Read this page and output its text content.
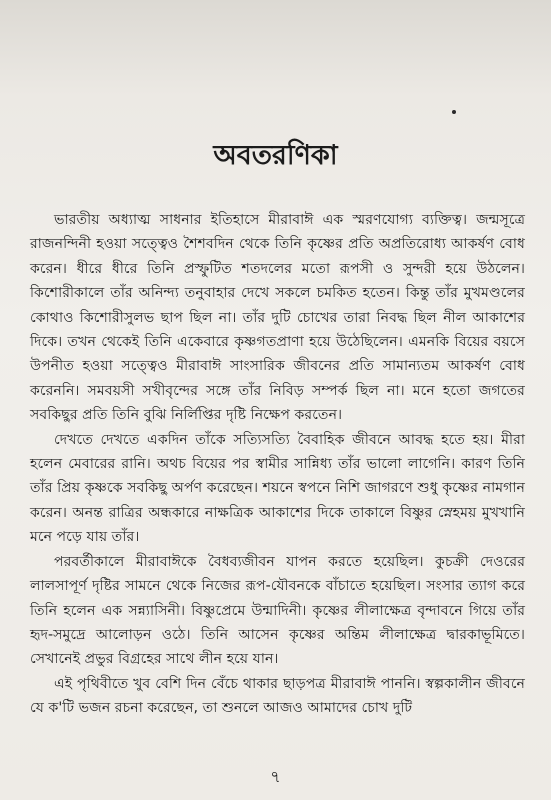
অবতরণিকা

ভারতীয় অধ্যাত্ম সাধনার ইতিহাসে মীরাবাঈ এক স্মরণযোগ্য ব্যক্তিত্ব। জন্মসূত্রে রাজনন্দিনী হওয়া সত্ত্বেও শৈশবদিন থেকে তিনি কৃষ্ণের প্রতি অপ্রতিরোধ্য আকর্ষণ বোধ করেন। ধীরে ধীরে তিনি প্রস্ফুটিত শতদলের মতো রূপসী ও সুন্দরী হয়ে উঠলেন। কিশোরীকালে তাঁর অনিন্দ্য তনুবাহার দেখে সকলে চমকিত হতেন। কিন্তু তাঁর মুখমণ্ডলের কোথাও কিশোরীসুলভ ছাপ ছিল না। তাঁর দুটি চোখের তারা নিবদ্ধ ছিল নীল আকাশের দিকে। তখন থেকেই তিনি একেবারে কৃষ্ণগতপ্রাণা হয়ে উঠেছিলেন। এমনকি বিয়ের বয়সে উপনীত হওয়া সত্ত্বেও মীরাবাঈ সাংসারিক জীবনের প্রতি সামান্যতম আকর্ষণ বোধ করেননি। সমবয়সী সখীবৃন্দের সঙ্গে তাঁর নিবিড় সম্পর্ক ছিল না। মনে হতো জগতের সবকিছুর প্রতি তিনি বুঝি নির্লিপ্তির দৃষ্টি নিক্ষেপ করতেন।

দেখতে দেখতে একদিন তাঁকে সত্যিসত্যি বৈবাহিক জীবনে আবদ্ধ হতে হয়। মীরা হলেন মেবারের রানি। অথচ বিয়ের পর স্বামীর সান্নিধ্য তাঁর ভালো লাগেনি। কারণ তিনি তাঁর প্রিয় কৃষ্ণকে সবকিছু অর্পণ করেছেন। শয়নে স্বপনে নিশি জাগরণে শুধু কৃষ্ণের নামগান করেন। অনন্ত রাত্রির অন্ধকারে নাক্ষত্রিক আকাশের দিকে তাকালে বিষ্ণুর স্নেহময় মুখখানি মনে পড়ে যায় তাঁর।

পরবর্তীকালে মীরাবাঈকে বৈধব্যজীবন যাপন করতে হয়েছিল। কুচক্রী দেওরের লালসাপূর্ণ দৃষ্টির সামনে থেকে নিজের রূপ-যৌবনকে বাঁচাতে হয়েছিল। সংসার ত্যাগ করে তিনি হলেন এক সন্ন্যাসিনী। বিষ্ণুপ্রেমে উন্মাদিনী। কৃষ্ণের লীলাক্ষেত্র বৃন্দাবনে গিয়ে তাঁর হৃদ-সমুদ্রে আলোড়ন ওঠে। তিনি আসেন কৃষ্ণের অন্তিম লীলাক্ষেত্র দ্বারকাভূমিতে। সেখানেই প্রভুর বিগ্রহের সাথে লীন হয়ে যান।

এই পৃথিবীতে খুব বেশি দিন বেঁচে থাকার ছাড়পত্র মীরাবাঈ পাননি। স্বল্পকালীন জীবনে যে ক'টি ভজন রচনা করেছেন, তা শুনলে আজও আমাদের চোখ দুটি

৭
